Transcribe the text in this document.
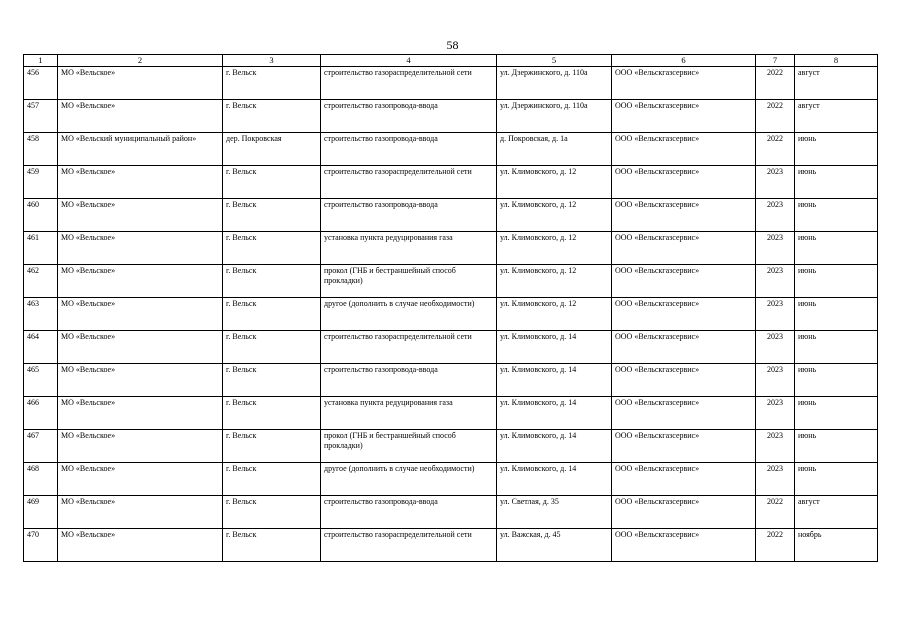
58
1	2	3	4	5	6	7	8
456	МО «Вельское»	г. Вельск	строительство газораспределительной сети	ул. Дзержинского, д. 110а	ООО «Вельскгазсервис»	2022	август
457	МО «Вельское»	г. Вельск	строительство газопровода-ввода	ул. Дзержинского, д. 110а	ООО «Вельскгазсервис»	2022	август
458	МО «Вельский муниципальный район»	дер. Покровская	строительство газопровода-ввода	д. Покровская, д. 1а	ООО «Вельскгазсервис»	2022	июнь
459	МО «Вельское»	г. Вельск	строительство газораспределительной сети	ул. Климовского, д. 12	ООО «Вельскгазсервис»	2023	июнь
460	МО «Вельское»	г. Вельск	строительство газопровода-ввода	ул. Климовского, д. 12	ООО «Вельскгазсервис»	2023	июнь
461	МО «Вельское»	г. Вельск	установка пункта редуцирования газа	ул. Климовского, д. 12	ООО «Вельскгазсервис»	2023	июнь
462	МО «Вельское»	г. Вельск	прокол (ГНБ и бестраншейный способ прокладки)	ул. Климовского, д. 12	ООО «Вельскгазсервис»	2023	июнь
463	МО «Вельское»	г. Вельск	другое (дополнить в случае необходимости)	ул. Климовского, д. 12	ООО «Вельскгазсервис»	2023	июнь
464	МО «Вельское»	г. Вельск	строительство газораспределительной сети	ул. Климовского, д. 14	ООО «Вельскгазсервис»	2023	июнь
465	МО «Вельское»	г. Вельск	строительство газопровода-ввода	ул. Климовского, д. 14	ООО «Вельскгазсервис»	2023	июнь
466	МО «Вельское»	г. Вельск	установка пункта редуцирования газа	ул. Климовского, д. 14	ООО «Вельскгазсервис»	2023	июнь
467	МО «Вельское»	г. Вельск	прокол (ГНБ и бестраншейный способ прокладки)	ул. Климовского, д. 14	ООО «Вельскгазсервис»	2023	июнь
468	МО «Вельское»	г. Вельск	другое (дополнить в случае необходимости)	ул. Климовского, д. 14	ООО «Вельскгазсервис»	2023	июнь
469	МО «Вельское»	г. Вельск	строительство газопровода-ввода	ул. Светлая, д. 35	ООО «Вельскгазсервис»	2022	август
470	МО «Вельское»	г. Вельск	строительство газораспределительной сети	ул. Важская, д. 45	ООО «Вельскгазсервис»	2022	ноябрь
